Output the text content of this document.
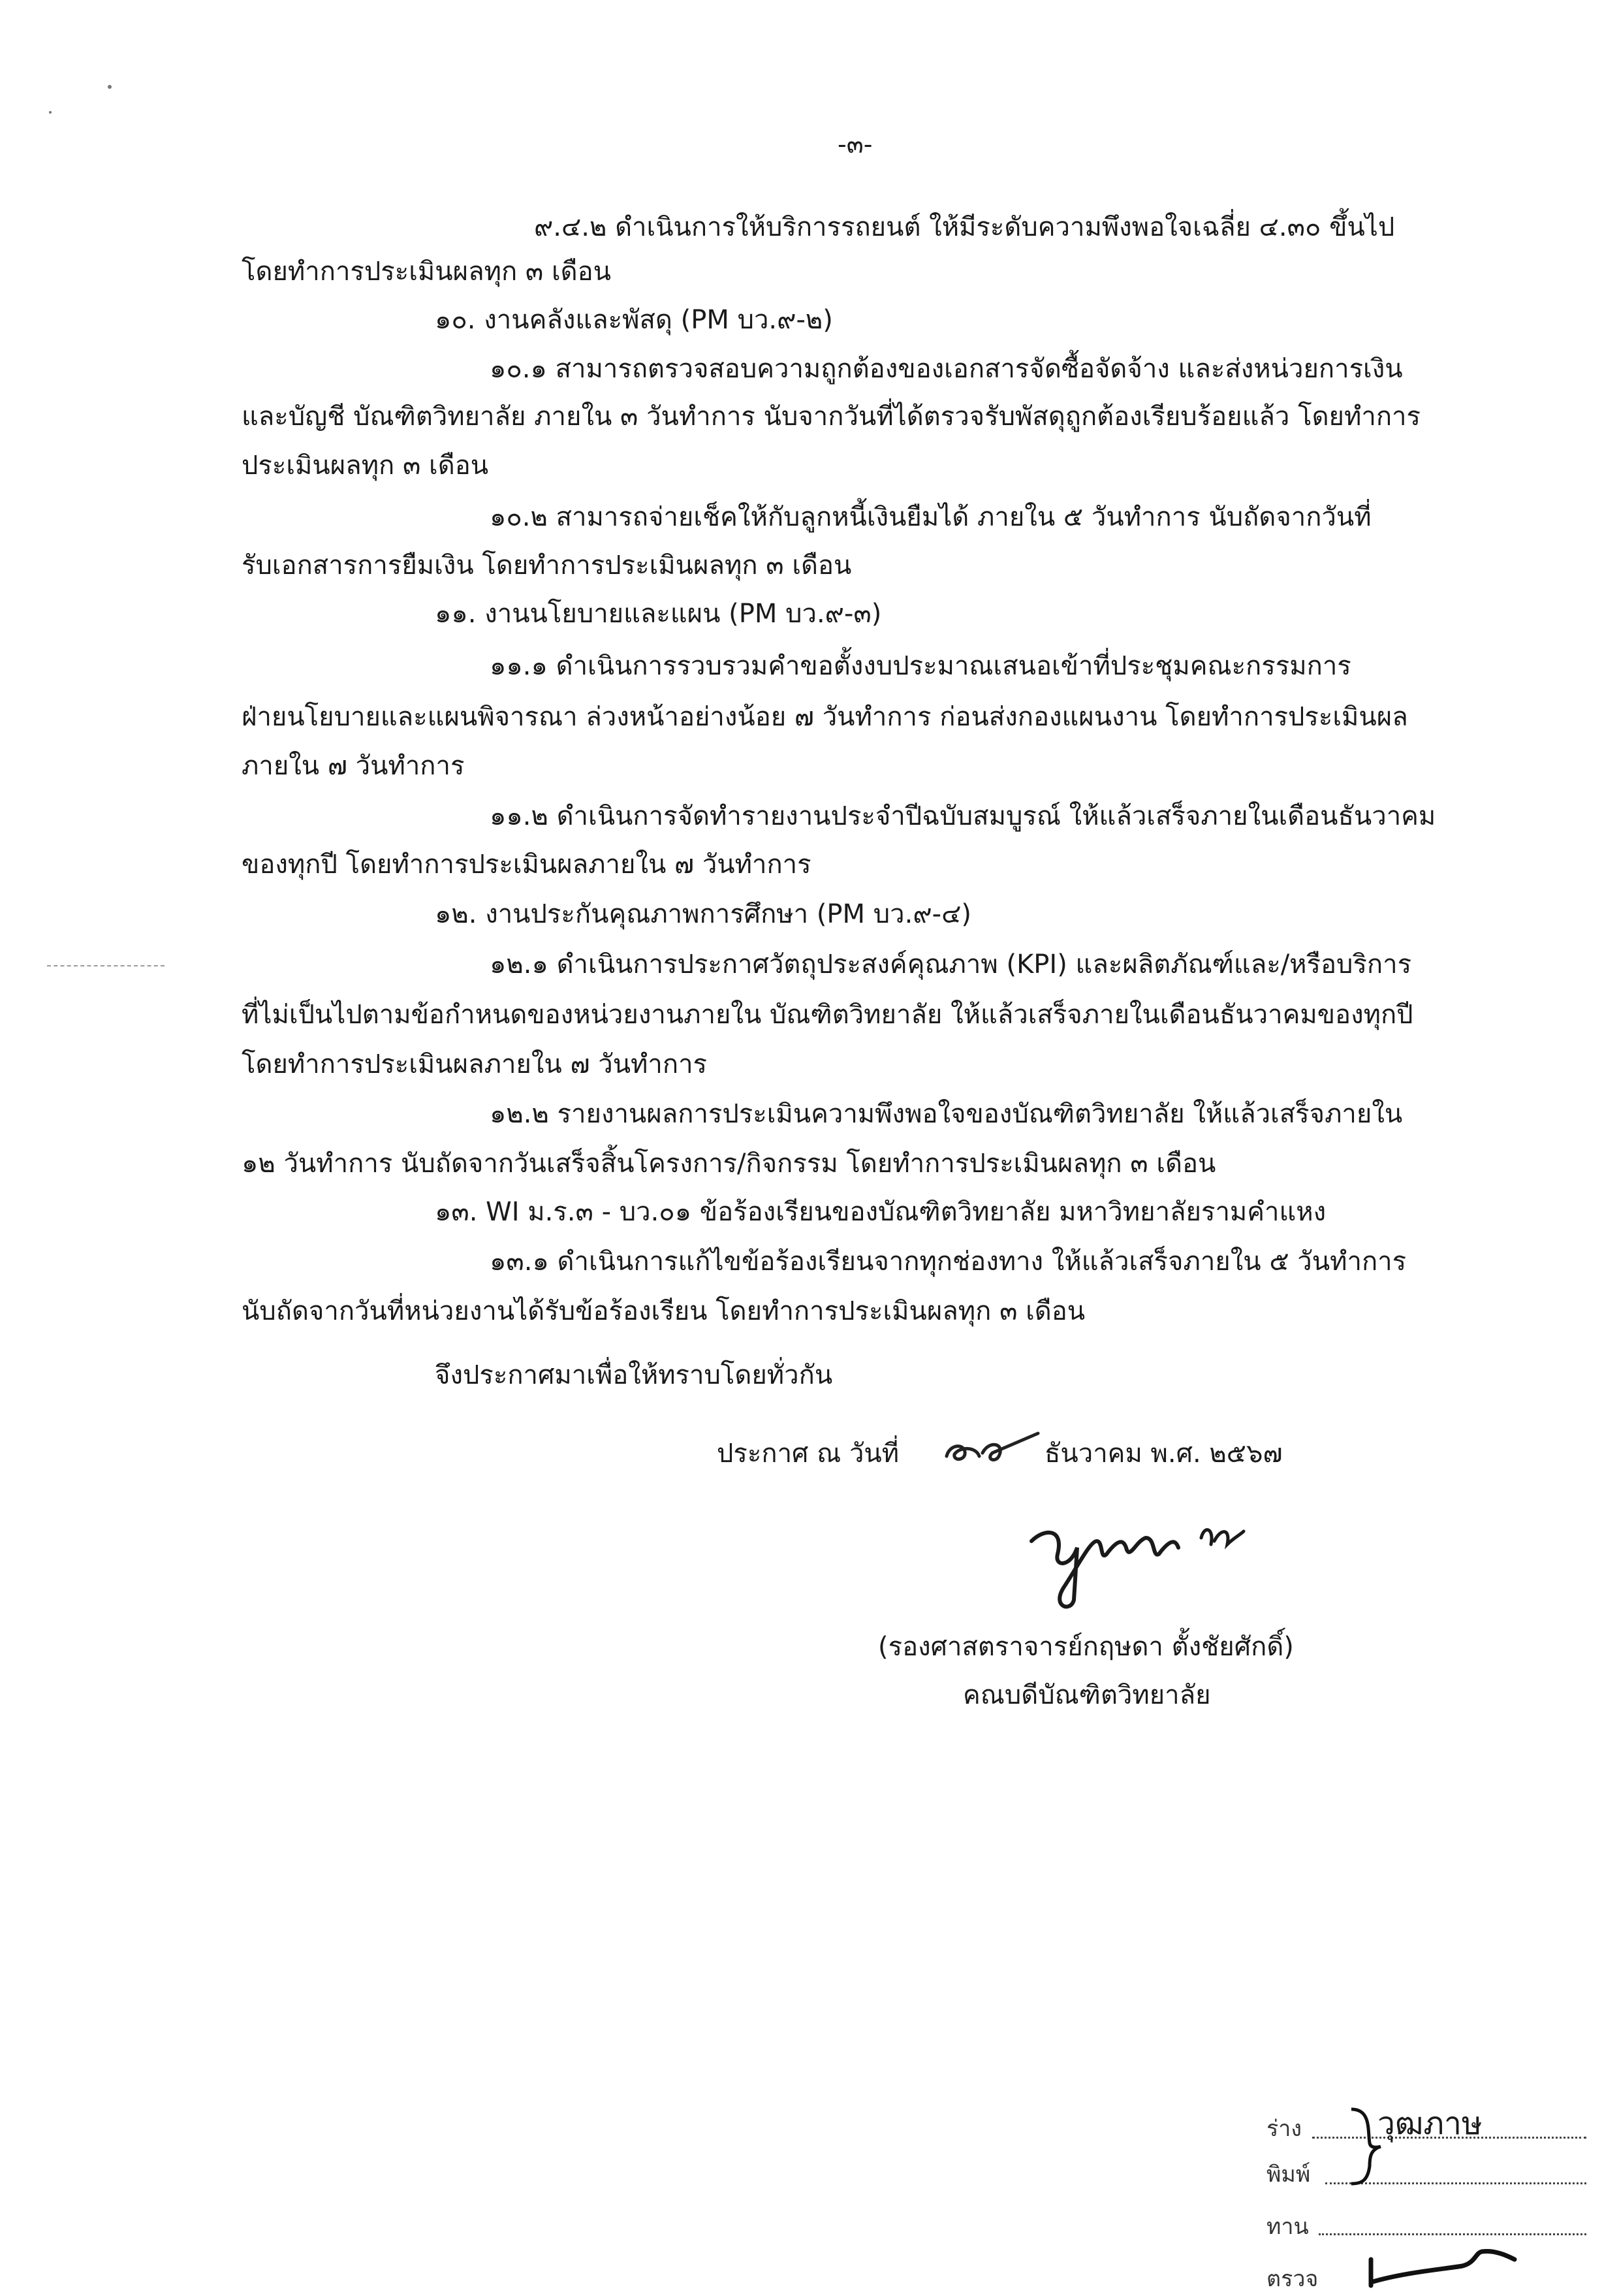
-๓-
๙.๔.๒ ดำเนินการให้บริการรถยนต์ ให้มีระดับความพึงพอใจเฉลี่ย ๔.๓๐ ขึ้นไป
โดยทำการประเมินผลทุก ๓ เดือน
๑๐. งานคลังและพัสดุ (PM บว.๙-๒)
๑๐.๑ สามารถตรวจสอบความถูกต้องของเอกสารจัดซื้อจัดจ้าง และส่งหน่วยการเงิน
และบัญชี บัณฑิตวิทยาลัย ภายใน ๓ วันทำการ นับจากวันที่ได้ตรวจรับพัสดุถูกต้องเรียบร้อยแล้ว โดยทำการ
ประเมินผลทุก ๓ เดือน
๑๐.๒ สามารถจ่ายเช็คให้กับลูกหนี้เงินยืมได้ ภายใน ๕ วันทำการ นับถัดจากวันที่
รับเอกสารการยืมเงิน โดยทำการประเมินผลทุก ๓ เดือน
๑๑. งานนโยบายและแผน (PM บว.๙-๓)
๑๑.๑ ดำเนินการรวบรวมคำขอตั้งงบประมาณเสนอเข้าที่ประชุมคณะกรรมการ
ฝ่ายนโยบายและแผนพิจารณา ล่วงหน้าอย่างน้อย ๗ วันทำการ ก่อนส่งกองแผนงาน โดยทำการประเมินผล
ภายใน ๗ วันทำการ
๑๑.๒ ดำเนินการจัดทำรายงานประจำปีฉบับสมบูรณ์ ให้แล้วเสร็จภายในเดือนธันวาคม
ของทุกปี โดยทำการประเมินผลภายใน ๗ วันทำการ
๑๒. งานประกันคุณภาพการศึกษา (PM บว.๙-๔)
๑๒.๑ ดำเนินการประกาศวัตถุประสงค์คุณภาพ (KPI) และผลิตภัณฑ์และ/หรือบริการ
ที่ไม่เป็นไปตามข้อกำหนดของหน่วยงานภายใน บัณฑิตวิทยาลัย ให้แล้วเสร็จภายในเดือนธันวาคมของทุกปี
โดยทำการประเมินผลภายใน ๗ วันทำการ
๑๒.๒ รายงานผลการประเมินความพึงพอใจของบัณฑิตวิทยาลัย ให้แล้วเสร็จภายใน
๑๒ วันทำการ นับถัดจากวันเสร็จสิ้นโครงการ/กิจกรรม โดยทำการประเมินผลทุก ๓ เดือน
๑๓. WI ม.ร.๓ - บว.๐๑ ข้อร้องเรียนของบัณฑิตวิทยาลัย มหาวิทยาลัยรามคำแหง
๑๓.๑ ดำเนินการแก้ไขข้อร้องเรียนจากทุกช่องทาง ให้แล้วเสร็จภายใน ๕ วันทำการ
นับถัดจากวันที่หน่วยงานได้รับข้อร้องเรียน โดยทำการประเมินผลทุก ๓ เดือน
จึงประกาศมาเพื่อให้ทราบโดยทั่วกัน
ประกาศ ณ วันที่	ธันวาคม พ.ศ. ๒๕๖๗
(รองศาสตราจารย์กฤษดา ตั้งชัยศักดิ์)
คณบดีบัณฑิตวิทยาลัย
ร่าง
พิมพ์
ทาน
ตรวจ
วุฒภาษ
